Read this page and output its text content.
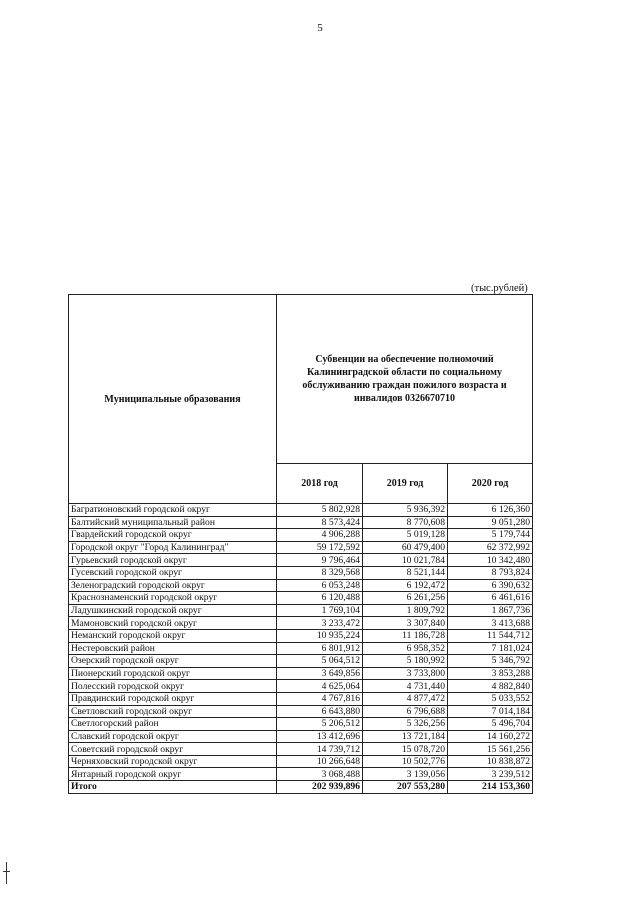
5
(тыс.рублей)
Муниципальные образования	Субвенции на обеспечение полномочий Калининградской области по социальному обслуживанию граждан пожилого возраста и инвалидов 0326670710		
	2018 год	2019 год	2020 год
Багратионовский городской округ	5 802,928	5 936,392	6 126,360
Балтийский муниципальный район	8 573,424	8 770,608	9 051,280
Гвардейский городской округ	4 906,288	5 019,128	5 179,744
Городской округ "Город Калининград"	59 172,592	60 479,400	62 372,992
Гурьевский городской округ	9 796,464	10 021,784	10 342,480
Гусевский городской округ	8 329,568	8 521,144	8 793,824
Зеленоградский городской округ	6 053,248	6 192,472	6 390,632
Краснознаменский городской округ	6 120,488	6 261,256	6 461,616
Ладушкинский городской округ	1 769,104	1 809,792	1 867,736
Мамоновский городской округ	3 233,472	3 307,840	3 413,688
Неманский городской округ	10 935,224	11 186,728	11 544,712
Нестеровский район	6 801,912	6 958,352	7 181,024
Озерский городской округ	5 064,512	5 180,992	5 346,792
Пионерский городской округ	3 649,856	3 733,800	3 853,288
Полесский городской округ	4 625,064	4 731,440	4 882,840
Правдинский городской округ	4 767,816	4 877,472	5 033,552
Светловский городской округ	6 643,880	6 796,688	7 014,184
Светлогорский район	5 206,512	5 326,256	5 496,704
Славский городской округ	13 412,696	13 721,184	14 160,272
Советский городской округ	14 739,712	15 078,720	15 561,256
Черняховский городской округ	10 266,648	10 502,776	10 838,872
Янтарный городской округ	3 068,488	3 139,056	3 239,512
Итого	202 939,896	207 553,280	214 153,360
